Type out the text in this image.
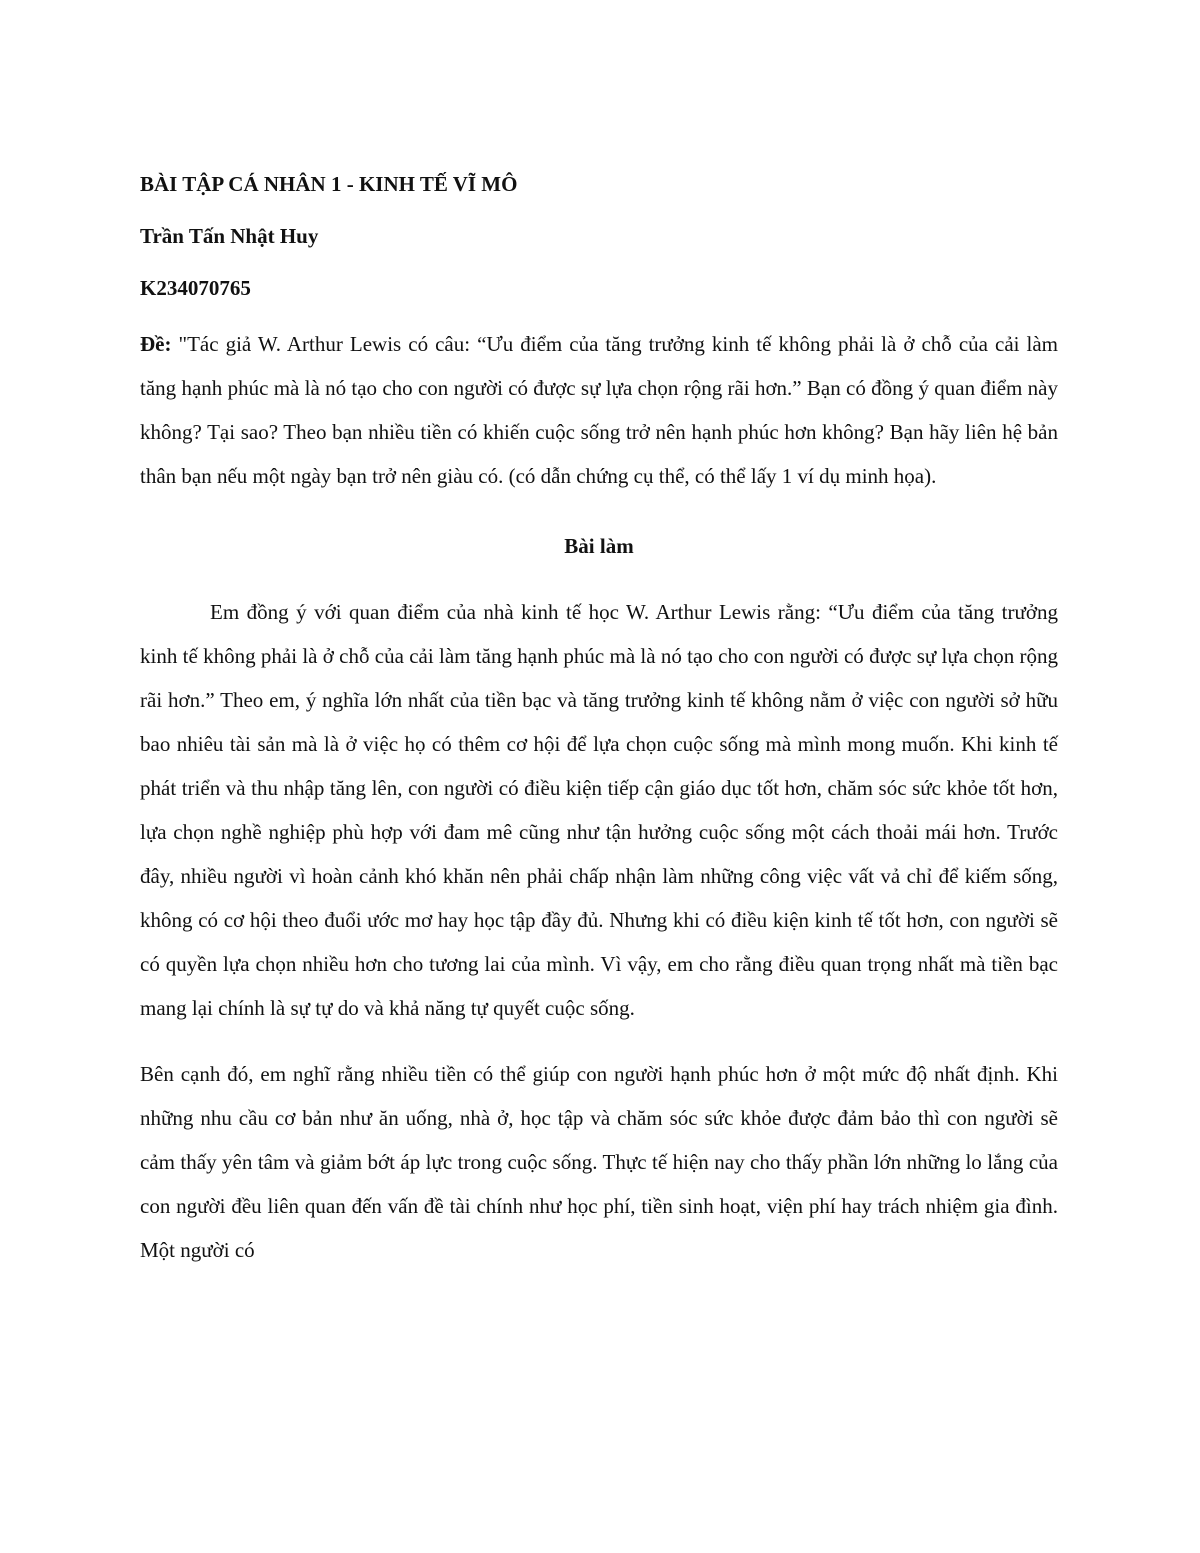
BÀI TẬP CÁ NHÂN 1 - KINH TẾ VĨ MÔ
Trần Tấn Nhật Huy
K234070765

Đề: "Tác giả W. Arthur Lewis có câu: “Ưu điểm của tăng trưởng kinh tế không phải là ở chỗ của cải làm tăng hạnh phúc mà là nó tạo cho con người có được sự lựa chọn rộng rãi hơn.” Bạn có đồng ý quan điểm này không? Tại sao? Theo bạn nhiều tiền có khiến cuộc sống trở nên hạnh phúc hơn không? Bạn hãy liên hệ bản thân bạn nếu một ngày bạn trở nên giàu có. (có dẫn chứng cụ thể, có thể lấy 1 ví dụ minh họa).

Bài làm

Em đồng ý với quan điểm của nhà kinh tế học W. Arthur Lewis rằng: “Ưu điểm của tăng trưởng kinh tế không phải là ở chỗ của cải làm tăng hạnh phúc mà là nó tạo cho con người có được sự lựa chọn rộng rãi hơn.” Theo em, ý nghĩa lớn nhất của tiền bạc và tăng trưởng kinh tế không nằm ở việc con người sở hữu bao nhiêu tài sản mà là ở việc họ có thêm cơ hội để lựa chọn cuộc sống mà mình mong muốn. Khi kinh tế phát triển và thu nhập tăng lên, con người có điều kiện tiếp cận giáo dục tốt hơn, chăm sóc sức khỏe tốt hơn, lựa chọn nghề nghiệp phù hợp với đam mê cũng như tận hưởng cuộc sống một cách thoải mái hơn. Trước đây, nhiều người vì hoàn cảnh khó khăn nên phải chấp nhận làm những công việc vất vả chỉ để kiếm sống, không có cơ hội theo đuổi ước mơ hay học tập đầy đủ. Nhưng khi có điều kiện kinh tế tốt hơn, con người sẽ có quyền lựa chọn nhiều hơn cho tương lai của mình. Vì vậy, em cho rằng điều quan trọng nhất mà tiền bạc mang lại chính là sự tự do và khả năng tự quyết cuộc sống.

Bên cạnh đó, em nghĩ rằng nhiều tiền có thể giúp con người hạnh phúc hơn ở một mức độ nhất định. Khi những nhu cầu cơ bản như ăn uống, nhà ở, học tập và chăm sóc sức khỏe được đảm bảo thì con người sẽ cảm thấy yên tâm và giảm bớt áp lực trong cuộc sống. Thực tế hiện nay cho thấy phần lớn những lo lắng của con người đều liên quan đến vấn đề tài chính như học phí, tiền sinh hoạt, viện phí hay trách nhiệm gia đình. Một người có
